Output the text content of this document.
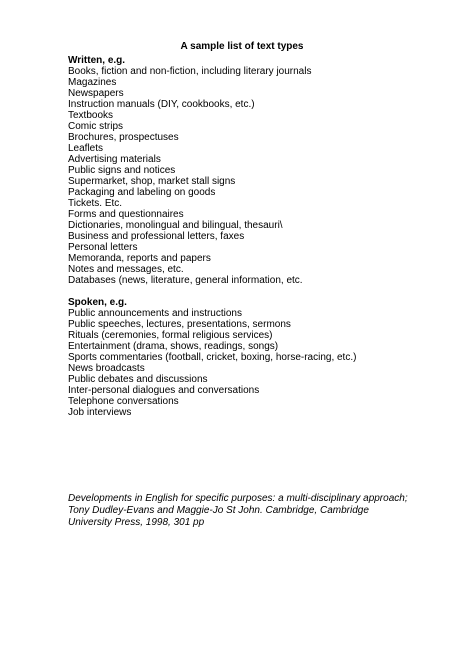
A sample list of text types
Written, e.g.
Books, fiction and non-fiction, including literary journals
Magazines
Newspapers
Instruction manuals (DIY, cookbooks, etc.)
Textbooks
Comic strips
Brochures, prospectuses
Leaflets
Advertising materials
Public signs and notices
Supermarket, shop, market stall signs
Packaging and labeling on goods
Tickets. Etc.
Forms and questionnaires
Dictionaries, monolingual and bilingual, thesauri\
Business and professional letters, faxes
Personal letters
Memoranda, reports and papers
Notes and messages, etc.
Databases (news, literature, general information, etc.
Spoken, e.g.
Public announcements and instructions
Public speeches, lectures, presentations, sermons
Rituals (ceremonies, formal religious services)
Entertainment (drama, shows, readings, songs)
Sports commentaries (football, cricket, boxing, horse-racing, etc.)
News broadcasts
Public debates and discussions
Inter-personal dialogues and conversations
Telephone conversations
Job interviews
Developments in English for specific purposes: a multi-disciplinary approach; Tony Dudley-Evans and Maggie-Jo St John. Cambridge, Cambridge University Press, 1998, 301 pp
